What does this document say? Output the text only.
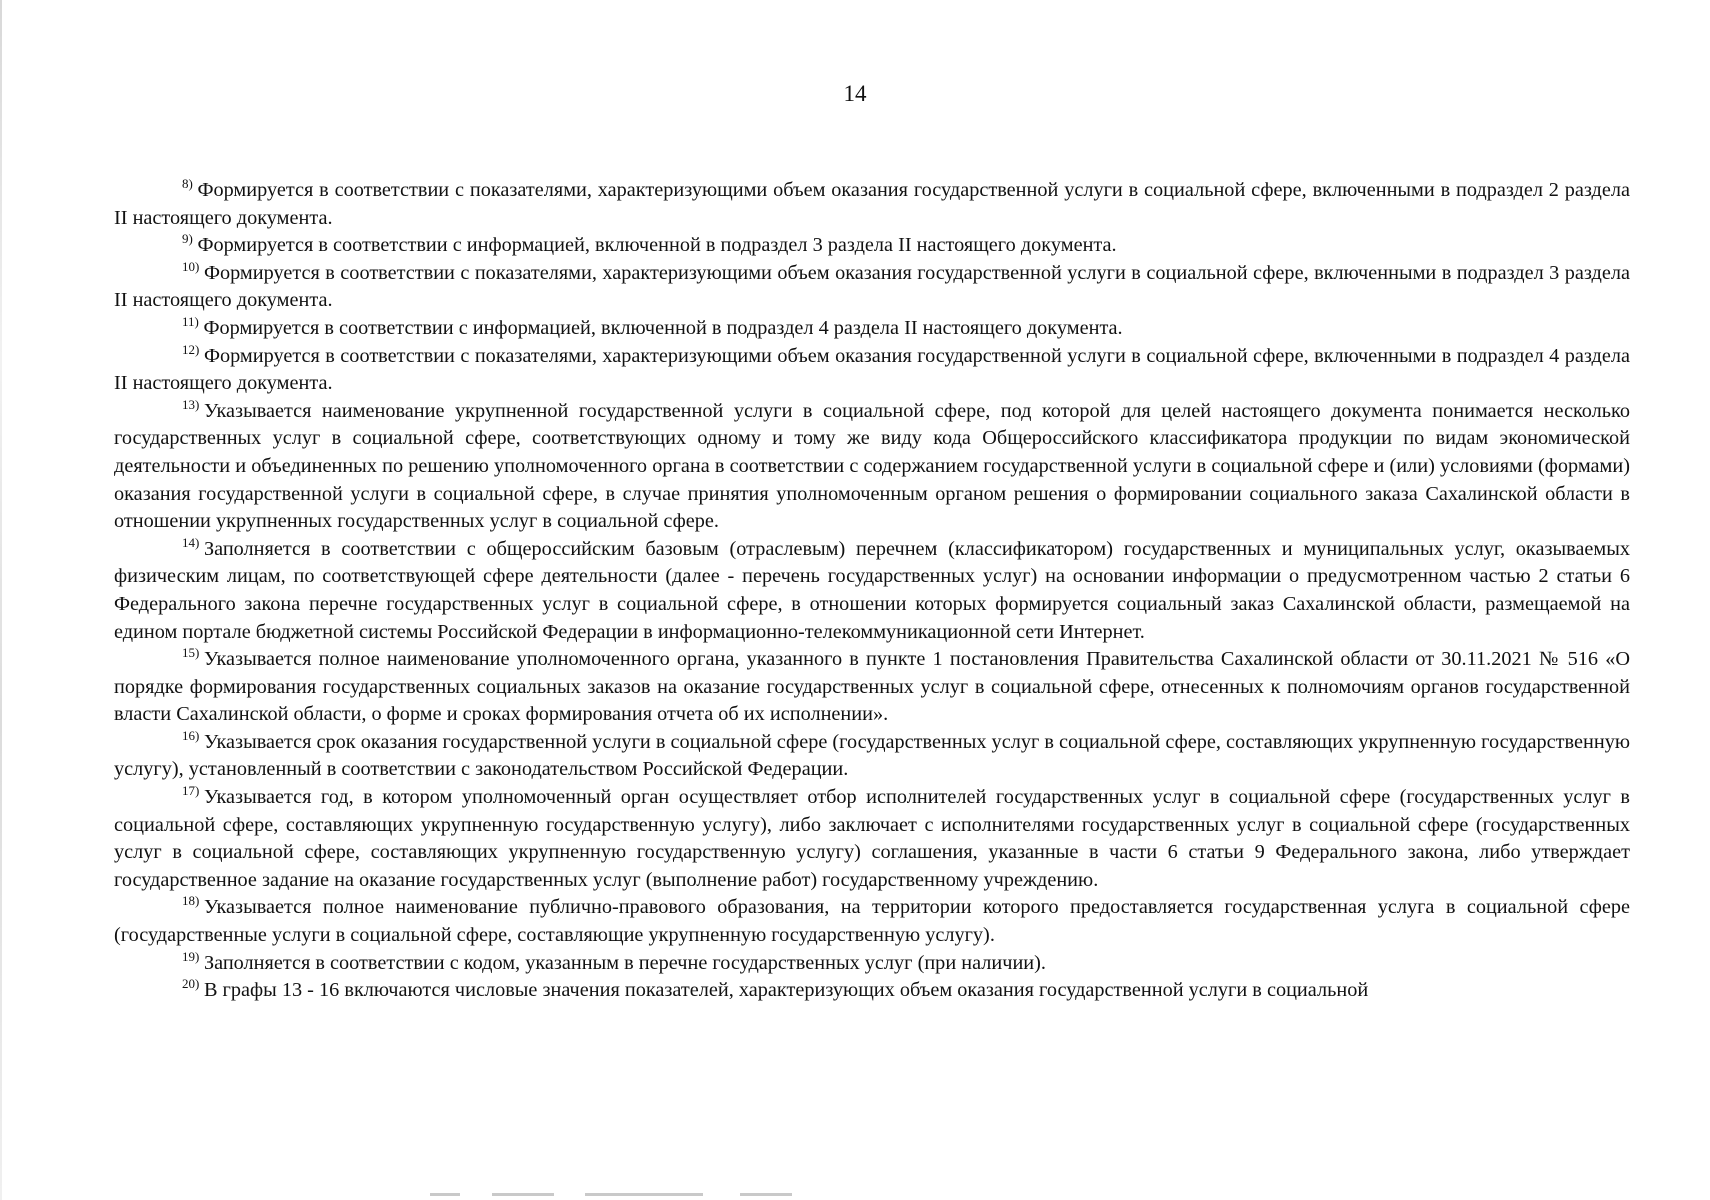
14

$^{8)}$ Формируется в соответствии с показателями, характеризующими объем оказания государственной услуги в социальной сфере, включенными в подраздел 2 раздела II настоящего документа.

$^{9)}$ Формируется в соответствии с информацией, включенной в подраздел 3 раздела II настоящего документа.

$^{10)}$ Формируется в соответствии с показателями, характеризующими объем оказания государственной услуги в социальной сфере, включенными в подраздел 3 раздела II настоящего документа.

$^{11)}$ Формируется в соответствии с информацией, включенной в подраздел 4 раздела II настоящего документа.

$^{12)}$ Формируется в соответствии с показателями, характеризующими объем оказания государственной услуги в социальной сфере, включенными в подраздел 4 раздела II настоящего документа.

$^{13)}$ Указывается наименование укрупненной государственной услуги в социальной сфере, под которой для целей настоящего документа понимается несколько государственных услуг в социальной сфере, соответствующих одному и тому же виду кода Общероссийского классификатора продукции по видам экономической деятельности и объединенных по решению уполномоченного органа в соответствии с содержанием государственной услуги в социальной сфере и (или) условиями (формами) оказания государственной услуги в социальной сфере, в случае принятия уполномоченным органом решения о формировании социального заказа Сахалинской области в отношении укрупненных государственных услуг в социальной сфере.

$^{14)}$ Заполняется в соответствии с общероссийским базовым (отраслевым) перечнем (классификатором) государственных и муниципальных услуг, оказываемых физическим лицам, по соответствующей сфере деятельности (далее - перечень государственных услуг) на основании информации о предусмотренном частью 2 статьи 6 Федерального закона перечне государственных услуг в социальной сфере, в отношении которых формируется социальный заказ Сахалинской области, размещаемой на едином портале бюджетной системы Российской Федерации в информационно-телекоммуникационной сети Интернет.

$^{15)}$ Указывается полное наименование уполномоченного органа, указанного в пункте 1 постановления Правительства Сахалинской области от 30.11.2021 № 516 «О порядке формирования государственных социальных заказов на оказание государственных услуг в социальной сфере, отнесенных к полномочиям органов государственной власти Сахалинской области, о форме и сроках формирования отчета об их исполнении».

$^{16)}$ Указывается срок оказания государственной услуги в социальной сфере (государственных услуг в социальной сфере, составляющих укрупненную государственную услугу), установленный в соответствии с законодательством Российской Федерации.

$^{17)}$ Указывается год, в котором уполномоченный орган осуществляет отбор исполнителей государственных услуг в социальной сфере (государственных услуг в социальной сфере, составляющих укрупненную государственную услугу), либо заключает с исполнителями государственных услуг в социальной сфере (государственных услуг в социальной сфере, составляющих укрупненную государственную услугу) соглашения, указанные в части 6 статьи 9 Федерального закона, либо утверждает государственное задание на оказание государственных услуг (выполнение работ) государственному учреждению.

$^{18)}$ Указывается полное наименование публично-правового образования, на территории которого предоставляется государственная услуга в социальной сфере (государственные услуги в социальной сфере, составляющие укрупненную государственную услугу).

$^{19)}$ Заполняется в соответствии с кодом, указанным в перечне государственных услуг (при наличии).

$^{20)}$ В графы 13 - 16 включаются числовые значения показателей, характеризующих объем оказания государственной услуги в социальной
